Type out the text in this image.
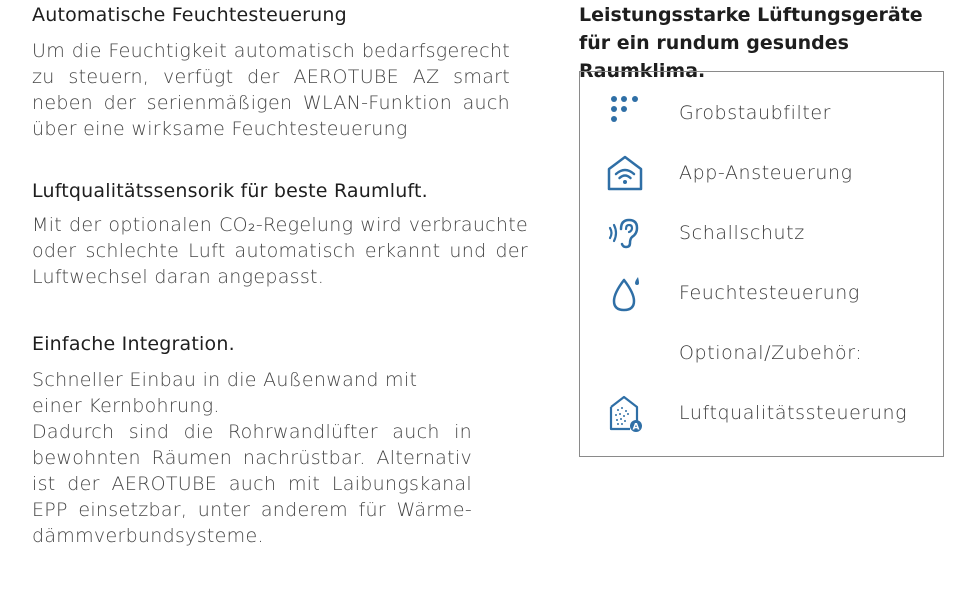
Automatische Feuchtesteuerung

Um die Feuchtigkeit automatisch bedarfsgerecht zu steuern, verfügt der AEROTUBE AZ smart neben der serienmäßigen WLAN-Funktion auch über eine wirksame Feuchtesteuerung

Luftqualitätssensorik für beste Raumluft.

Mit der optionalen CO₂-Regelung wird verbrauchte oder schlechte Luft automatisch erkannt und der Luftwechsel daran angepasst.

Einfache Integration.

Schneller Einbau in die Außenwand mit einer Kernbohrung.

Dadurch sind die Rohrwandlüfter auch in bewohnten Räumen nachrüstbar. Alternativ ist der AEROTUBE auch mit Laibungskanal EPP einsetzbar, unter anderem für Wärme-dämmverbundsysteme.

Leistungsstarke Lüftungsgeräte für ein rundum gesundes Raumklima.
Grobstaubfilter
App-Ansteuerung
Schallschutz
Feuchtesteuerung
Optional/Zubehör:
A
Luftqualitätssteuerung
